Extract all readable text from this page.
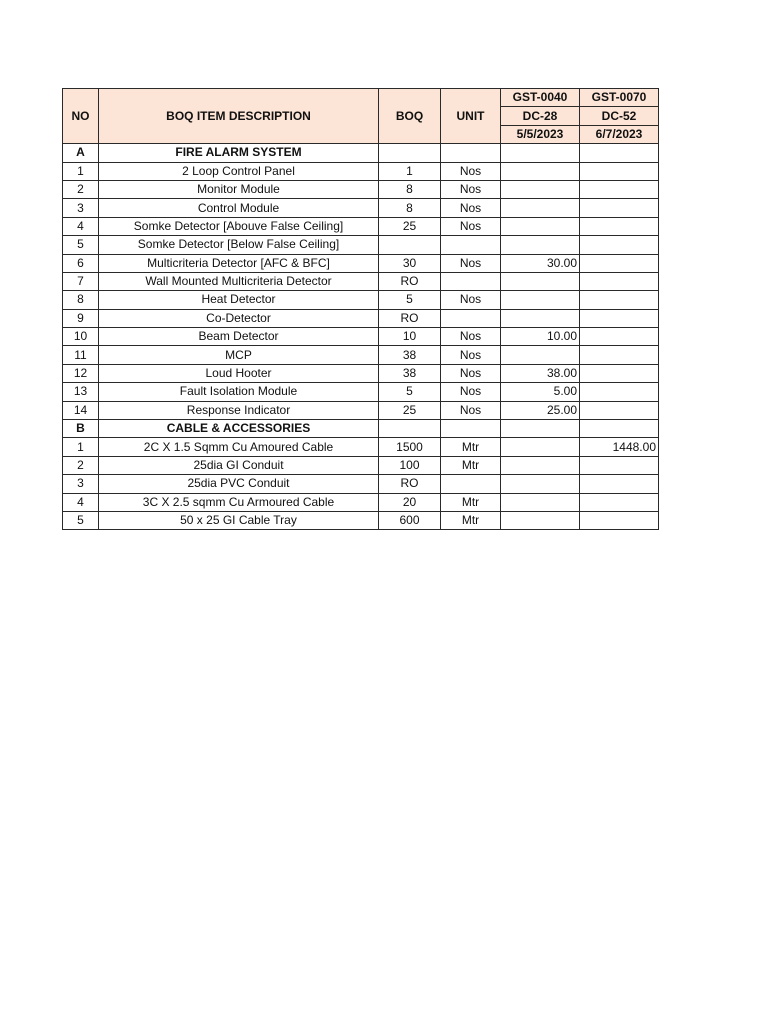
NO	BOQ ITEM DESCRIPTION	BOQ	UNIT	GST-0040	GST-0070
				DC-28	DC-52
				5/5/2023	6/7/2023
A	FIRE ALARM SYSTEM				
1	2 Loop Control Panel	1	Nos		
2	Monitor Module	8	Nos		
3	Control Module	8	Nos		
4	Somke Detector [Abouve False Ceiling]	25	Nos		
5	Somke Detector [Below False Ceiling]				
6	Multicriteria Detector [AFC & BFC]	30	Nos	30.00	
7	Wall Mounted Multicriteria Detector	RO			
8	Heat Detector	5	Nos		
9	Co-Detector	RO			
10	Beam Detector	10	Nos	10.00	
11	MCP	38	Nos		
12	Loud Hooter	38	Nos	38.00	
13	Fault Isolation Module	5	Nos	5.00	
14	Response Indicator	25	Nos	25.00	
B	CABLE & ACCESSORIES				
1	2C X 1.5 Sqmm Cu Amoured Cable	1500	Mtr		1448.00
2	25dia GI Conduit	100	Mtr		
3	25dia PVC Conduit	RO			
4	3C X 2.5 sqmm Cu Armoured Cable	20	Mtr		
5	50 x 25 GI Cable Tray	600	Mtr		
